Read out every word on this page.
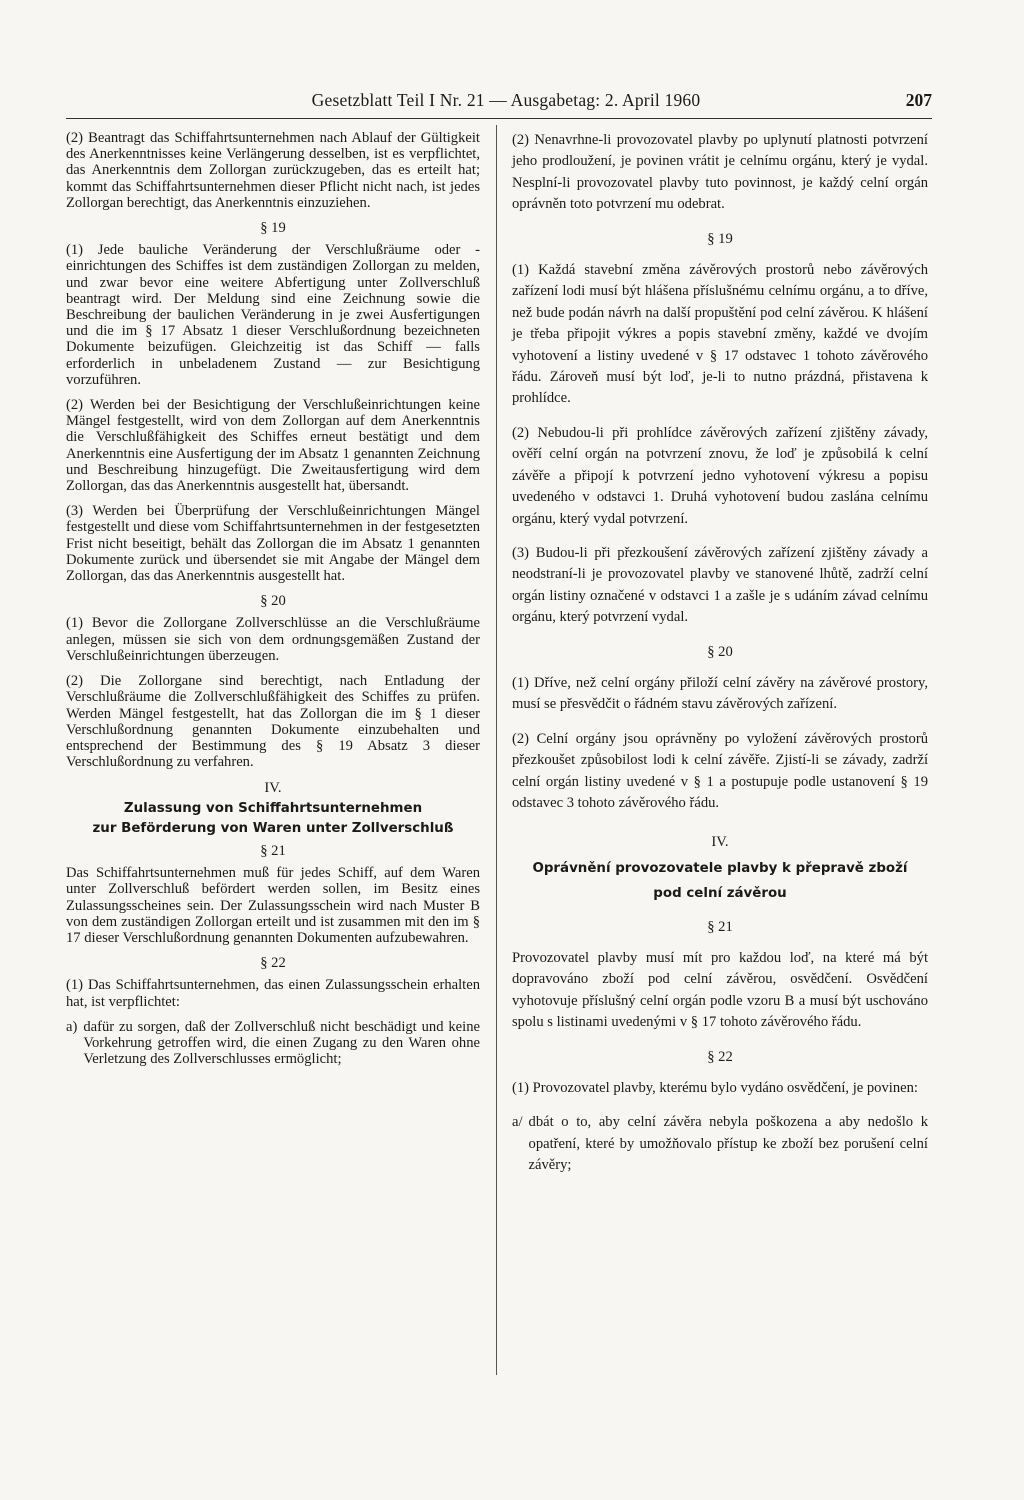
Gesetzblatt Teil I Nr. 21 — Ausgabetag: 2. April 1960	207

(2) Beantragt das Schiffahrtsunternehmen nach Ablauf der Gültigkeit des Anerkenntnisses keine Verlängerung desselben, ist es verpflichtet, das Anerkenntnis dem Zollorgan zurückzugeben, das es erteilt hat; kommt das Schiffahrtsunternehmen dieser Pflicht nicht nach, ist jedes Zollorgan berechtigt, das Anerkenntnis einzuziehen.

§ 19

(1) Jede bauliche Veränderung der Verschlußräume oder -einrichtungen des Schiffes ist dem zuständigen Zollorgan zu melden, und zwar bevor eine weitere Abfertigung unter Zollverschluß beantragt wird. Der Meldung sind eine Zeichnung sowie die Beschreibung der baulichen Veränderung in je zwei Ausfertigungen und die im § 17 Absatz 1 dieser Verschlußordnung bezeichneten Dokumente beizufügen. Gleichzeitig ist das Schiff — falls erforderlich in unbeladenem Zustand — zur Besichtigung vorzuführen.

(2) Werden bei der Besichtigung der Verschlußeinrichtungen keine Mängel festgestellt, wird von dem Zollorgan auf dem Anerkenntnis die Verschlußfähigkeit des Schiffes erneut bestätigt und dem Anerkenntnis eine Ausfertigung der im Absatz 1 genannten Zeichnung und Beschreibung hinzugefügt. Die Zweitausfertigung wird dem Zollorgan, das das Anerkenntnis ausgestellt hat, übersandt.

(3) Werden bei Überprüfung der Verschlußeinrichtungen Mängel festgestellt und diese vom Schiffahrtsunternehmen in der festgesetzten Frist nicht beseitigt, behält das Zollorgan die im Absatz 1 genannten Dokumente zurück und übersendet sie mit Angabe der Mängel dem Zollorgan, das das Anerkenntnis ausgestellt hat.

§ 20

(1) Bevor die Zollorgane Zollverschlüsse an die Verschlußräume anlegen, müssen sie sich von dem ordnungsgemäßen Zustand der Verschlußeinrichtungen überzeugen.

(2) Die Zollorgane sind berechtigt, nach Entladung der Verschlußräume die Zollverschlußfähigkeit des Schiffes zu prüfen. Werden Mängel festgestellt, hat das Zollorgan die im § 1 dieser Verschlußordnung genannten Dokumente einzubehalten und entsprechend der Bestimmung des § 19 Absatz 3 dieser Verschlußordnung zu verfahren.

IV.
Zulassung von Schiffahrtsunternehmen
zur Beförderung von Waren unter Zollverschluß
§ 21

Das Schiffahrtsunternehmen muß für jedes Schiff, auf dem Waren unter Zollverschluß befördert werden sollen, im Besitz eines Zulassungsscheines sein. Der Zulassungsschein wird nach Muster B von dem zuständigen Zollorgan erteilt und ist zusammen mit den im § 17 dieser Verschlußordnung genannten Dokumenten aufzubewahren.

§ 22

(1) Das Schiffahrtsunternehmen, das einen Zulassungsschein erhalten hat, ist verpflichtet:

a) dafür zu sorgen, daß der Zollverschluß nicht beschädigt und keine Vorkehrung getroffen wird, die einen Zugang zu den Waren ohne Verletzung des Zollverschlusses ermöglicht;

(2) Nenavrhne-li provozovatel plavby po uplynutí platnosti potvrzení jeho prodloužení, je povinen vrátit je celnímu orgánu, který je vydal. Nesplní-li provozovatel plavby tuto povinnost, je každý celní orgán oprávněn toto potvrzení mu odebrat.

§ 19

(1) Každá stavební změna závěrových prostorů nebo závěrových zařízení lodi musí být hlášena příslušnému celnímu orgánu, a to dříve, než bude podán návrh na další propuštění pod celní závěrou. K hlášení je třeba připojit výkres a popis stavební změny, každé ve dvojím vyhotovení a listiny uvedené v § 17 odstavec 1 tohoto závěrového řádu. Zároveň musí být loď, je-li to nutno prázdná, přistavena k prohlídce.

(2) Nebudou-li při prohlídce závěrových zařízení zjištěny závady, ověří celní orgán na potvrzení znovu, že loď je způsobilá k celní závěře a připojí k potvrzení jedno vyhotovení výkresu a popisu uvedeného v odstavci 1. Druhá vyhotovení budou zaslána celnímu orgánu, který vydal potvrzení.

(3) Budou-li při přezkoušení závěrových zařízení zjištěny závady a neodstraní-li je provozovatel plavby ve stanovené lhůtě, zadrží celní orgán listiny označené v odstavci 1 a zašle je s udáním závad celnímu orgánu, který potvrzení vydal.

§ 20

(1) Dříve, než celní orgány přiloží celní závěry na závěrové prostory, musí se přesvědčit o řádném stavu závěrových zařízení.

(2) Celní orgány jsou oprávněny po vyložení závěrových prostorů přezkoušet způsobilost lodi k celní závěře. Zjistí-li se závady, zadrží celní orgán listiny uvedené v § 1 a postupuje podle ustanovení § 19 odstavec 3 tohoto závěrového řádu.

IV.
Oprávnění provozovatele plavby k přepravě zboží
pod celní závěrou
§ 21

Provozovatel plavby musí mít pro každou loď, na které má být dopravováno zboží pod celní závěrou, osvědčení. Osvědčení vyhotovuje příslušný celní orgán podle vzoru B a musí být uschováno spolu s listinami uvedenými v § 17 tohoto závěrového řádu.

§ 22

(1) Provozovatel plavby, kterému bylo vydáno osvědčení, je povinen:

a/ dbát o to, aby celní závěra nebyla poškozena a aby nedošlo k opatření, které by umožňovalo přístup ke zboží bez porušení celní závěry;
